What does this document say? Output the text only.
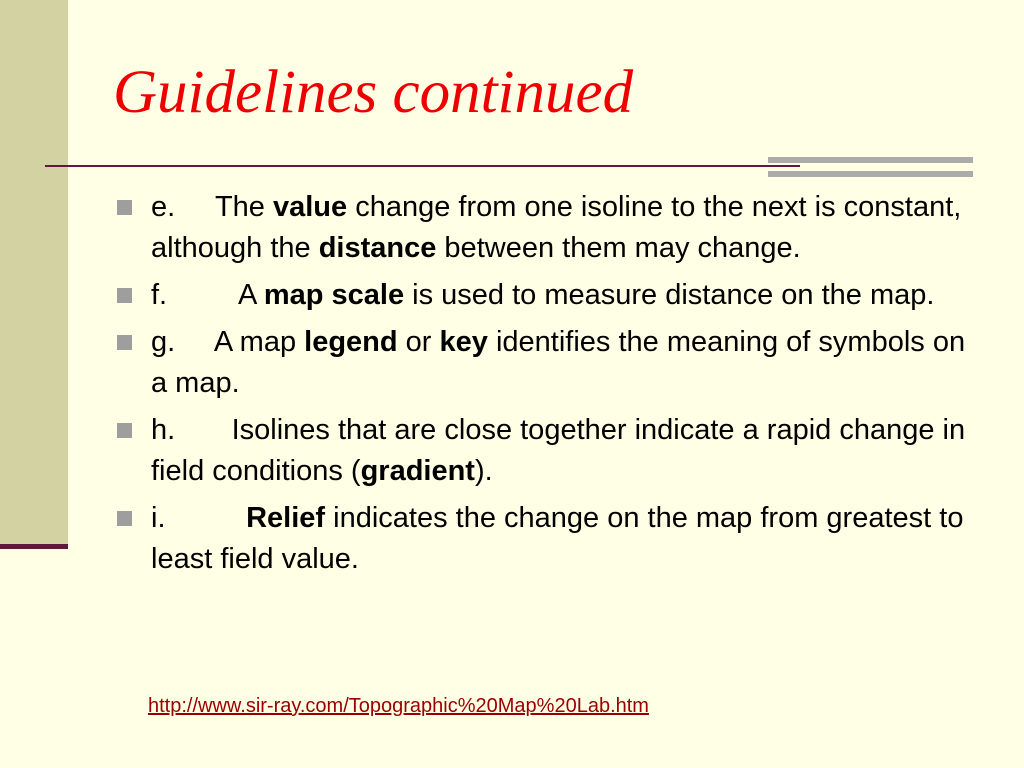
Guidelines continued
e.     The value change from one isoline to the next is constant, although the distance between them may change.
f.         A map scale is used to measure distance on the map.
g.     A map legend or key identifies the meaning of symbols on a map.
h.       Isolines that are close together indicate a rapid change in field conditions (gradient).
i.          Relief indicates the change on the map from greatest to least field value.
http://www.sir-ray.com/Topographic%20Map%20Lab.htm
